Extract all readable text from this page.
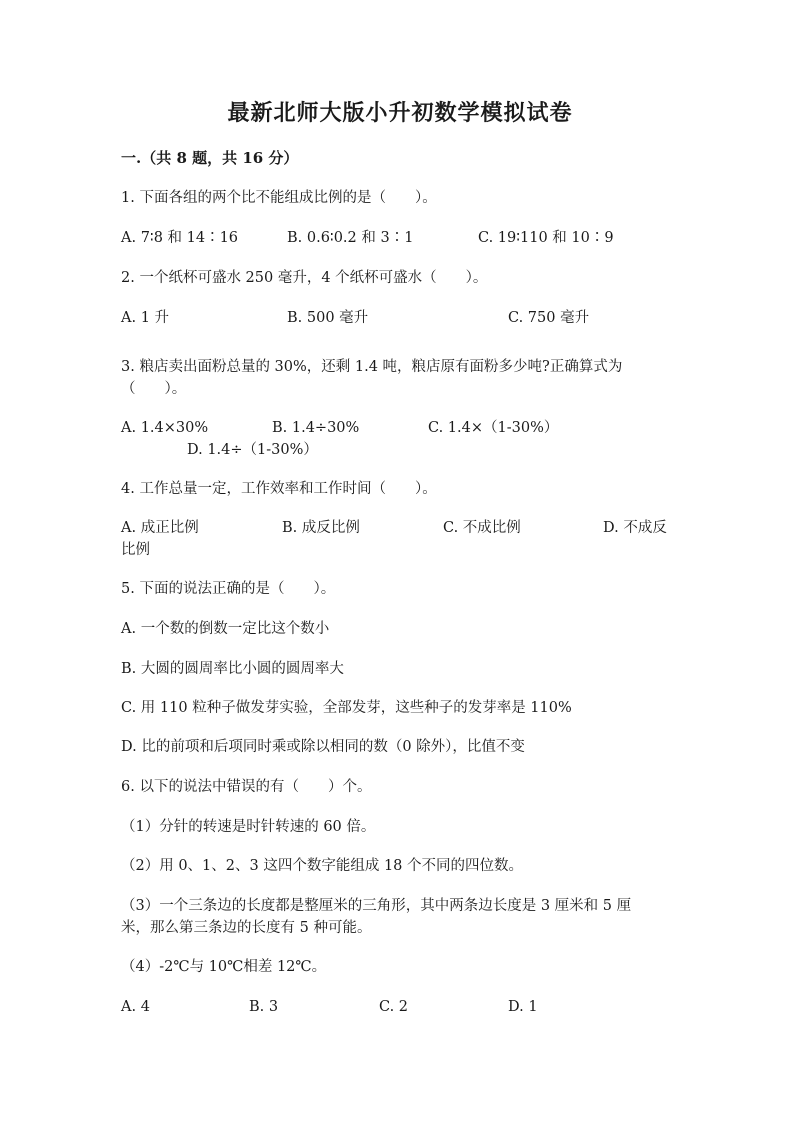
最新北师大版小升初数学模拟试卷
一.（共 8 题，共 16 分）
1. 下面各组的两个比不能组成比例的是（　　）。
A. 7∶8 和 14∶16	B. 0.6∶0.2 和 3∶1	C. 19∶110 和 10∶9
2. 一个纸杯可盛水 250 毫升，4 个纸杯可盛水（　　）。
A. 1 升	B. 500 毫升	C. 750 毫升
3. 粮店卖出面粉总量的 30%，还剩 1.4 吨，粮店原有面粉多少吨?正确算式为
（　　）。
A. 1.4×30%	B. 1.4÷30%	C. 1.4×（1-30%）
D. 1.4÷（1-30%）
4. 工作总量一定，工作效率和工作时间（　　）。
A. 成正比例	B. 成反比例	C. 不成比例	D. 不成反
比例
5. 下面的说法正确的是（　　）。
A. 一个数的倒数一定比这个数小
B. 大圆的圆周率比小圆的圆周率大
C. 用 110 粒种子做发芽实验，全部发芽，这些种子的发芽率是 110%
D. 比的前项和后项同时乘或除以相同的数（0 除外），比值不变
6. 以下的说法中错误的有（　　）个。
（1）分针的转速是时针转速的 60 倍。
（2）用 0、1、2、3 这四个数字能组成 18 个不同的四位数。
（3）一个三条边的长度都是整厘米的三角形，其中两条边长度是 3 厘米和 5 厘
米，那么第三条边的长度有 5 种可能。
（4）-2℃与 10℃相差 12℃。
A. 4	B. 3	C. 2	D. 1
